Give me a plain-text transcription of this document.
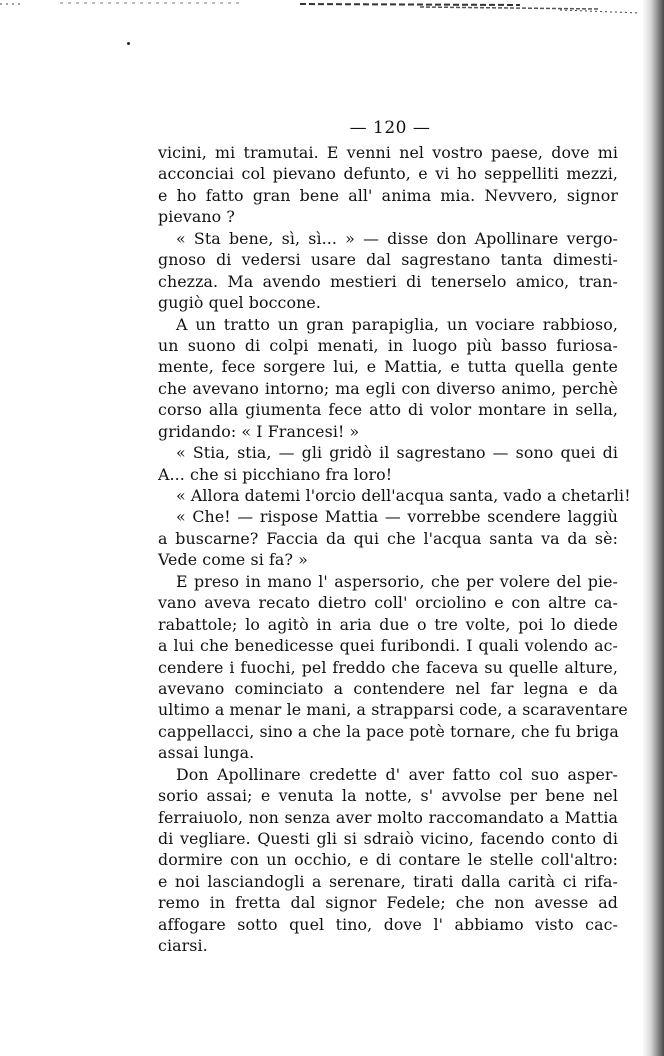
— 120 —
vicini, mi tramutai. E venni nel vostro paese, dove mi
acconciai col pievano defunto, e vi ho seppelliti mezzi,
e ho fatto gran bene all' anima mia. Nevvero, signor
pievano ?
« Sta bene, sì, sì... » — disse don Apollinare vergo-
gnoso di vedersi usare dal sagrestano tanta dimesti-
chezza. Ma avendo mestieri di tenerselo amico, tran-
gugiò quel boccone.
A un tratto un gran parapiglia, un vociare rabbioso,
un suono di colpi menati, in luogo più basso furiosa-
mente, fece sorgere lui, e Mattia, e tutta quella gente
che avevano intorno; ma egli con diverso animo, perchè
corso alla giumenta fece atto di volor montare in sella,
gridando: « I Francesi! »
« Stia, stia, — gli gridò il sagrestano — sono quei di
A... che si picchiano fra loro!
« Allora datemi l'orcio dell'acqua santa, vado a chetarli!
« Che! — rispose Mattia — vorrebbe scendere laggiù
a buscarne? Faccia da qui che l'acqua santa va da sè:
Vede come si fa? »
E preso in mano l' aspersorio, che per volere del pie-
vano aveva recato dietro coll' orciolino e con altre ca-
rabattole; lo agitò in aria due o tre volte, poi lo diede
a lui che benedicesse quei furibondi. I quali volendo ac-
cendere i fuochi, pel freddo che faceva su quelle alture,
avevano cominciato a contendere nel far legna e da
ultimo a menar le mani, a strapparsi code, a scaraventare
cappellacci, sino a che la pace potè tornare, che fu briga
assai lunga.
Don Apollinare credette d' aver fatto col suo asper-
sorio assai; e venuta la notte, s' avvolse per bene nel
ferraiuolo, non senza aver molto raccomandato a Mattia
di vegliare. Questi gli si sdraiò vicino, facendo conto di
dormire con un occhio, e di contare le stelle coll'altro:
e noi lasciandogli a serenare, tirati dalla carità ci rifa-
remo in fretta dal signor Fedele; che non avesse ad
affogare sotto quel tino, dove l' abbiamo visto cac-
ciarsi.
